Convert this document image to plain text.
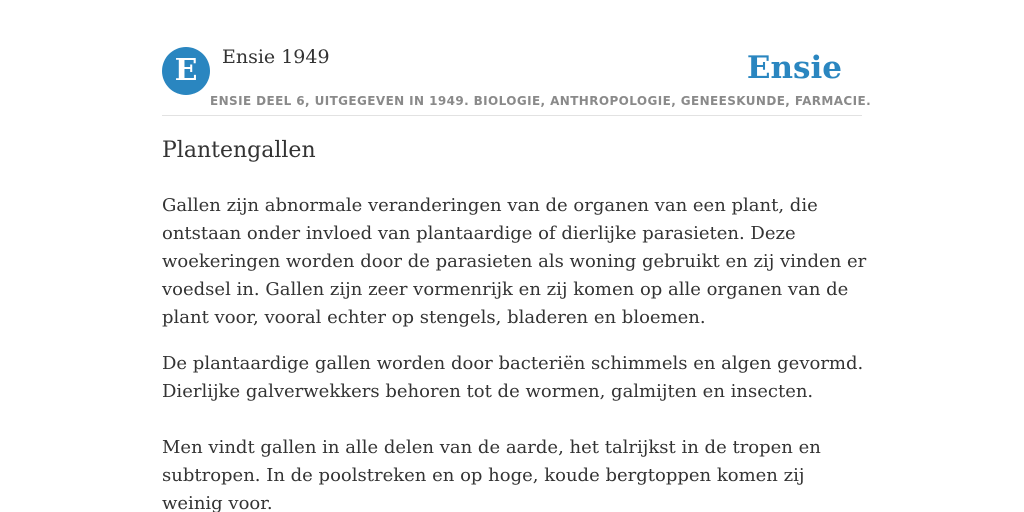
E	Ensie 1949	Ensie
ENSIE DEEL 6, UITGEGEVEN IN 1949. BIOLOGIE, ANTHROPOLOGIE, GENEESKUNDE, FARMACIE.
Plantengallen

Gallen zijn abnormale veranderingen van de organen van een plant, die ontstaan onder invloed van plantaardige of dierlijke parasieten. Deze woekeringen worden door de parasieten als woning gebruikt en zij vinden er voedsel in. Gallen zijn zeer vormenrijk en zij komen op alle organen van de plant voor, vooral echter op stengels, bladeren en bloemen.

De plantaardige gallen worden door bacteriën schimmels en algen gevormd. Dierlijke galverwekkers behoren tot de wormen, galmijten en insecten.

Men vindt gallen in alle delen van de aarde, het talrijkst in de tropen en subtropen. In de poolstreken en op hoge, koude bergtoppen komen zij weinig voor.
